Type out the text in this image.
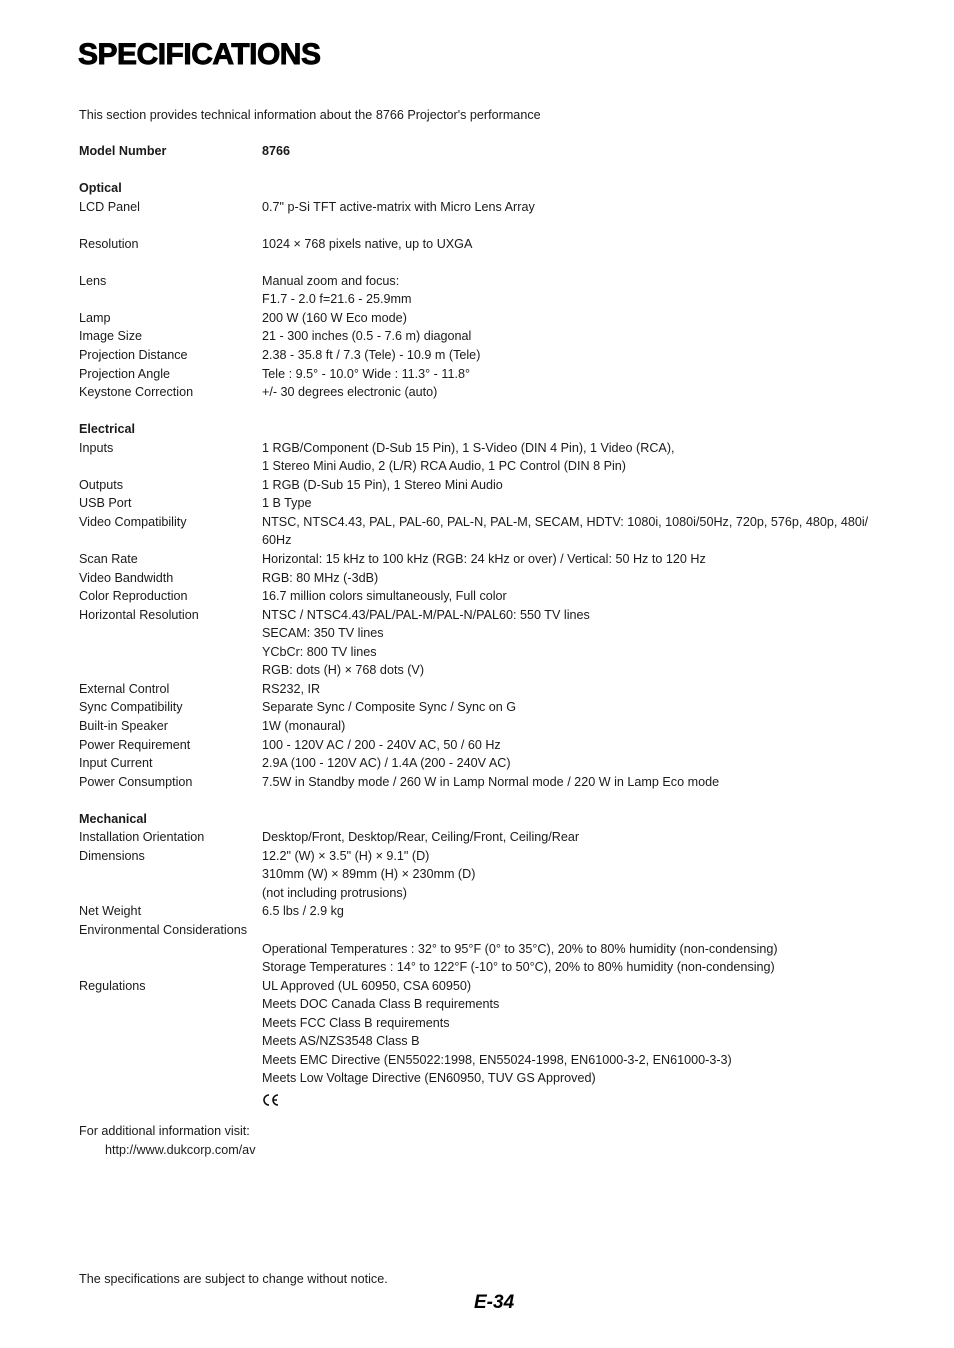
SPECIFICATIONS
This section provides technical information about the 8766 Projector's performance
Model Number	8766
Optical
LCD Panel	0.7" p-Si TFT active-matrix with Micro Lens Array
Resolution	1024 × 768 pixels native, up to UXGA
Lens	Manual zoom and focus:
F1.7 - 2.0 f=21.6 - 25.9mm
Lamp	200 W (160 W Eco mode)
Image Size	21 - 300 inches (0.5 - 7.6 m) diagonal
Projection Distance	2.38 - 35.8 ft / 7.3 (Tele) - 10.9 m (Tele)
Projection Angle	Tele : 9.5° - 10.0° Wide : 11.3° - 11.8°
Keystone Correction	+/- 30 degrees electronic (auto)
Electrical
Inputs	1 RGB/Component (D-Sub 15 Pin), 1 S-Video (DIN 4 Pin), 1 Video (RCA),
1 Stereo Mini Audio, 2 (L/R) RCA Audio, 1 PC Control (DIN 8 Pin)
Outputs	1 RGB (D-Sub 15 Pin), 1 Stereo Mini Audio
USB Port	1 B Type
Video Compatibility	NTSC, NTSC4.43, PAL, PAL-60, PAL-N, PAL-M, SECAM, HDTV: 1080i, 1080i/50Hz, 720p, 576p, 480p, 480i/
60Hz
Scan Rate	Horizontal: 15 kHz to 100 kHz (RGB: 24 kHz or over) / Vertical: 50 Hz to 120 Hz
Video Bandwidth	RGB: 80 MHz (-3dB)
Color Reproduction	16.7 million colors simultaneously, Full color
Horizontal Resolution	NTSC / NTSC4.43/PAL/PAL-M/PAL-N/PAL60: 550 TV lines
SECAM: 350 TV lines
YCbCr: 800 TV lines
RGB: dots (H) × 768 dots (V)
External Control	RS232, IR
Sync Compatibility	Separate Sync / Composite Sync / Sync on G
Built-in Speaker	1W (monaural)
Power Requirement	100 - 120V AC / 200 - 240V AC, 50 / 60 Hz
Input Current	2.9A (100 - 120V AC) / 1.4A (200 - 240V AC)
Power Consumption	7.5W in Standby mode / 260 W in Lamp Normal mode / 220 W in Lamp Eco mode
Mechanical
Installation Orientation	Desktop/Front, Desktop/Rear, Ceiling/Front, Ceiling/Rear
Dimensions	12.2" (W) × 3.5" (H) × 9.1" (D)
310mm (W) × 89mm (H) × 230mm (D)
(not including protrusions)
Net Weight	6.5 lbs / 2.9 kg
Environmental Considerations

Operational Temperatures : 32° to 95°F (0° to 35°C), 20% to 80% humidity (non-condensing)
Storage Temperatures : 14° to 122°F (-10° to 50°C), 20% to 80% humidity (non-condensing)
Regulations	UL Approved (UL 60950, CSA 60950)
Meets DOC Canada Class B requirements
Meets FCC Class B requirements
Meets AS/NZS3548 Class B
Meets EMC Directive (EN55022:1998, EN55024-1998, EN61000-3-2, EN61000-3-3)
Meets Low Voltage Directive (EN60950, TUV GS Approved)
For additional information visit:
http://www.dukcorp.com/av
The specifications are subject to change without notice.
E-34
